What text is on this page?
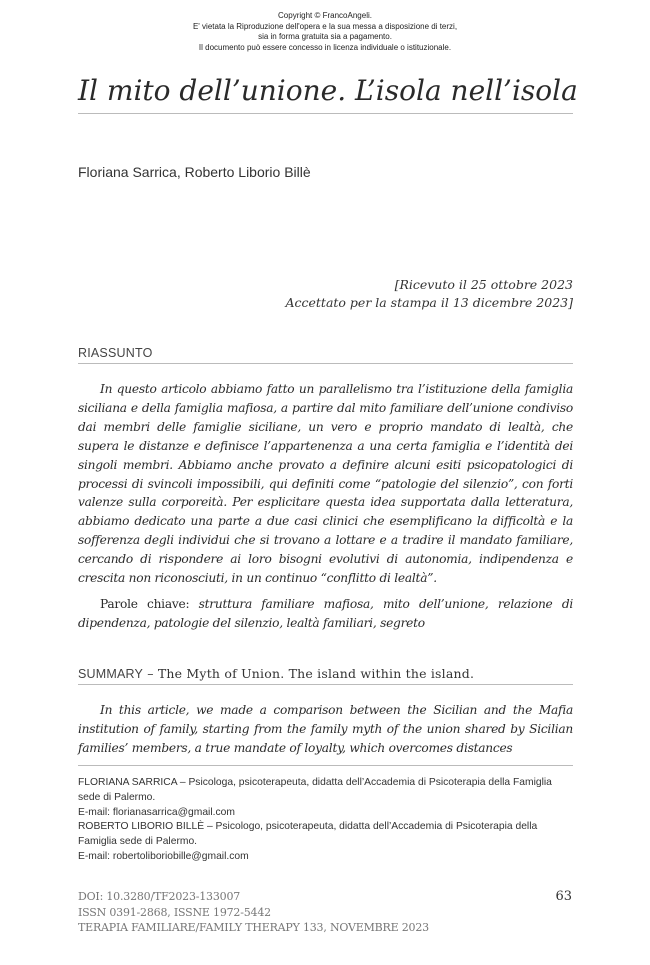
Copyright © FrancoAngeli.
E' vietata la Riproduzione dell'opera e la sua messa a disposizione di terzi,
sia in forma gratuita sia a pagamento.
Il documento può essere concesso in licenza individuale o istituzionale.
Il mito dell’unione. L’isola nell’isola
Floriana Sarrica, Roberto Liborio Billè
[Ricevuto il 25 ottobre 2023
Accettato per la stampa il 13 dicembre 2023]
RIASSUNTO

In questo articolo abbiamo fatto un parallelismo tra l’istituzione della famiglia siciliana e della famiglia mafiosa, a partire dal mito familiare dell’unione condiviso dai membri delle famiglie siciliane, un vero e proprio mandato di lealtà, che supera le distanze e definisce l’appartenenza a una certa famiglia e l’identità dei singoli membri. Abbiamo anche provato a definire alcuni esiti psicopatologici di processi di svincoli impossibili, qui definiti come “patologie del silenzio”, con forti valenze sulla corporeità. Per esplicitare questa idea supportata dalla letteratura, abbiamo dedicato una parte a due casi clinici che esemplificano la difficoltà e la sofferenza degli individui che si trovano a lottare e a tradire il mandato familiare, cercando di rispondere ai loro bisogni evolutivi di autonomia, indipendenza e crescita non riconosciuti, in un continuo “conflitto di lealtà”.

Parole chiave: struttura familiare mafiosa, mito dell’unione, relazione di dipendenza, patologie del silenzio, lealtà familiari, segreto

SUMMARY – The Myth of Union. The island within the island.

In this article, we made a comparison between the Sicilian and the Mafia institution of family, starting from the family myth of the union shared by Sicilian families’ members, a true mandate of loyalty, which overcomes distances

FLORIANA SARRICA – Psicologa, psicoterapeuta, didatta dell’Accademia di Psicoterapia della Famiglia sede di Palermo.

E-mail: florianasarrica@gmail.com

ROBERTO LIBORIO BILLÈ – Psicologo, psicoterapeuta, didatta dell’Accademia di Psicoterapia della Famiglia sede di Palermo.

E-mail: robertoliboriobille@gmail.com

DOI: 10.3280/TF2023-133007
ISSN 0391-2868, ISSNE 1972-5442
TERAPIA FAMILIARE/FAMILY THERAPY 133, NOVEMBRE 2023
63
